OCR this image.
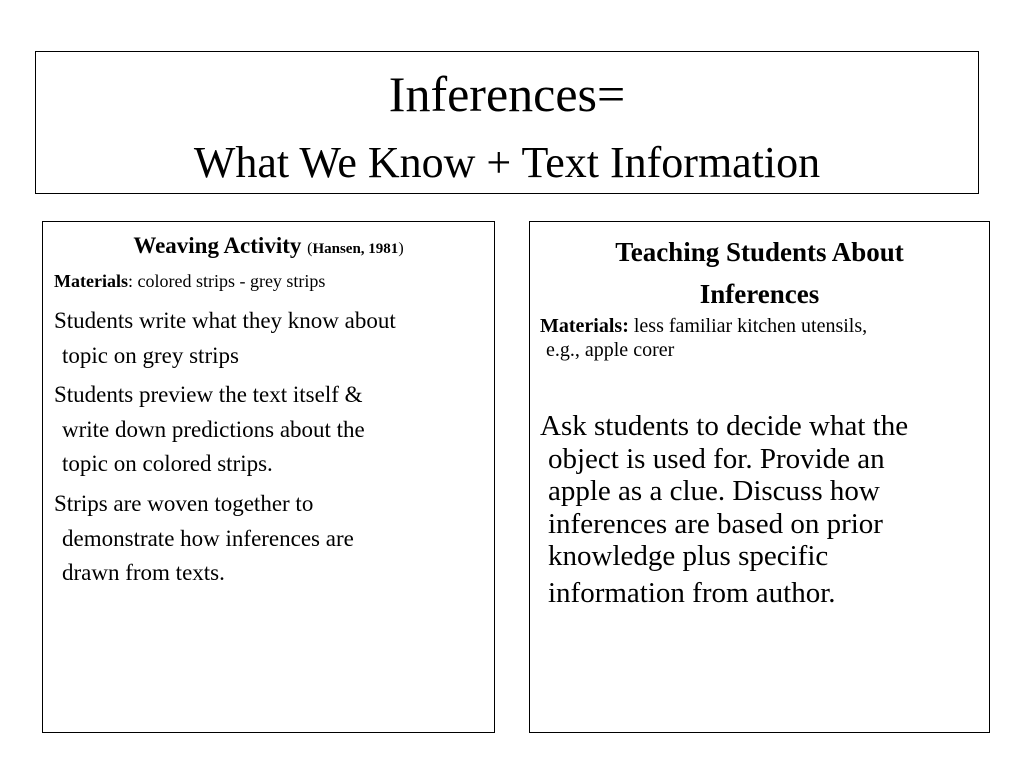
Inferences=
What We Know + Text Information
Weaving Activity (Hansen, 1981)
Materials: colored strips - grey strips
Students write what they know about
topic on grey strips
Students preview the text itself &
write down predictions about the
topic on colored strips.
Strips are woven together to
demonstrate how inferences are
drawn from texts.
Teaching Students About
Inferences
Materials: less familiar kitchen utensils,
e.g., apple corer
Ask students to decide what the
object is used for. Provide an
apple as a clue. Discuss how
inferences are based on prior
knowledge plus specific
information from author.
